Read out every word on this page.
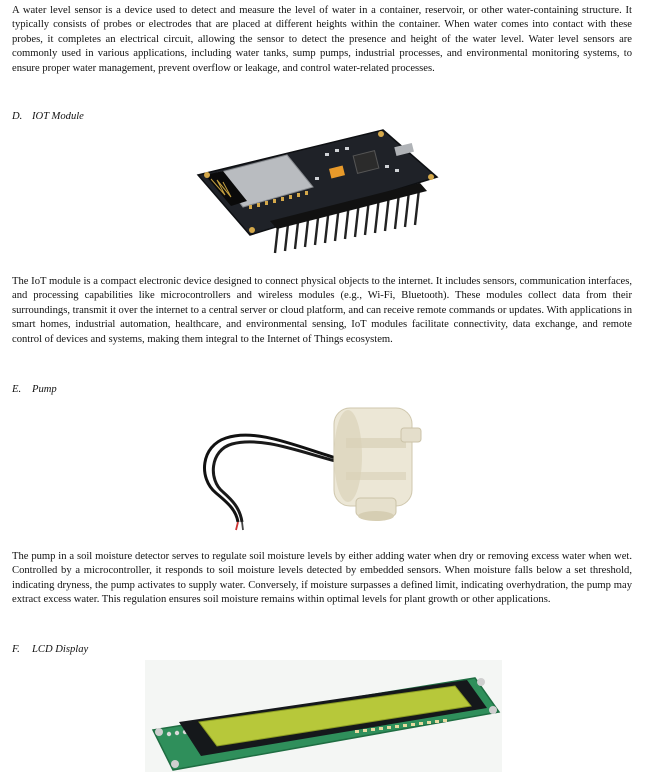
A water level sensor is a device used to detect and measure the level of water in a container, reservoir, or other water-containing structure. It typically consists of probes or electrodes that are placed at different heights within the container. When water comes into contact with these probes, it completes an electrical circuit, allowing the sensor to detect the presence and height of the water level. Water level sensors are commonly used in various applications, including water tanks, sump pumps, industrial processes, and environmental monitoring systems, to ensure proper water management, prevent overflow or leakage, and control water-related processes.

D. IOT Module

The IoT module is a compact electronic device designed to connect physical objects to the internet. It includes sensors, communication interfaces, and processing capabilities like microcontrollers and wireless modules (e.g., Wi-Fi, Bluetooth). These modules collect data from their surroundings, transmit it over the internet to a central server or cloud platform, and can receive remote commands or updates. With applications in smart homes, industrial automation, healthcare, and environmental sensing, IoT modules facilitate connectivity, data exchange, and remote control of devices and systems, making them integral to the Internet of Things ecosystem.

E. Pump

The pump in a soil moisture detector serves to regulate soil moisture levels by either adding water when dry or removing excess water when wet. Controlled by a microcontroller, it responds to soil moisture levels detected by embedded sensors. When moisture falls below a set threshold, indicating dryness, the pump activates to supply water. Conversely, if moisture surpasses a defined limit, indicating overhydration, the pump may extract excess water. This regulation ensures soil moisture remains within optimal levels for plant growth or other applications.

F. LCD Display
